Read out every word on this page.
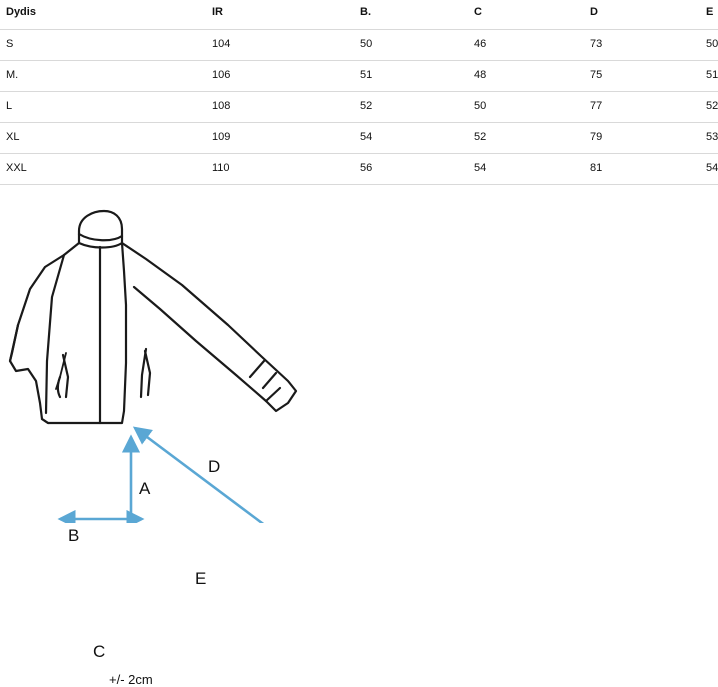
Dydis	IR	B.	C	D	E
S	104	50	46	73	50
M.	106	51	48	75	51
L	108	52	50	77	52
XL	109	54	52	79	53
XXL	110	56	54	81	54
A
B
C
D
E
+/- 2cm
